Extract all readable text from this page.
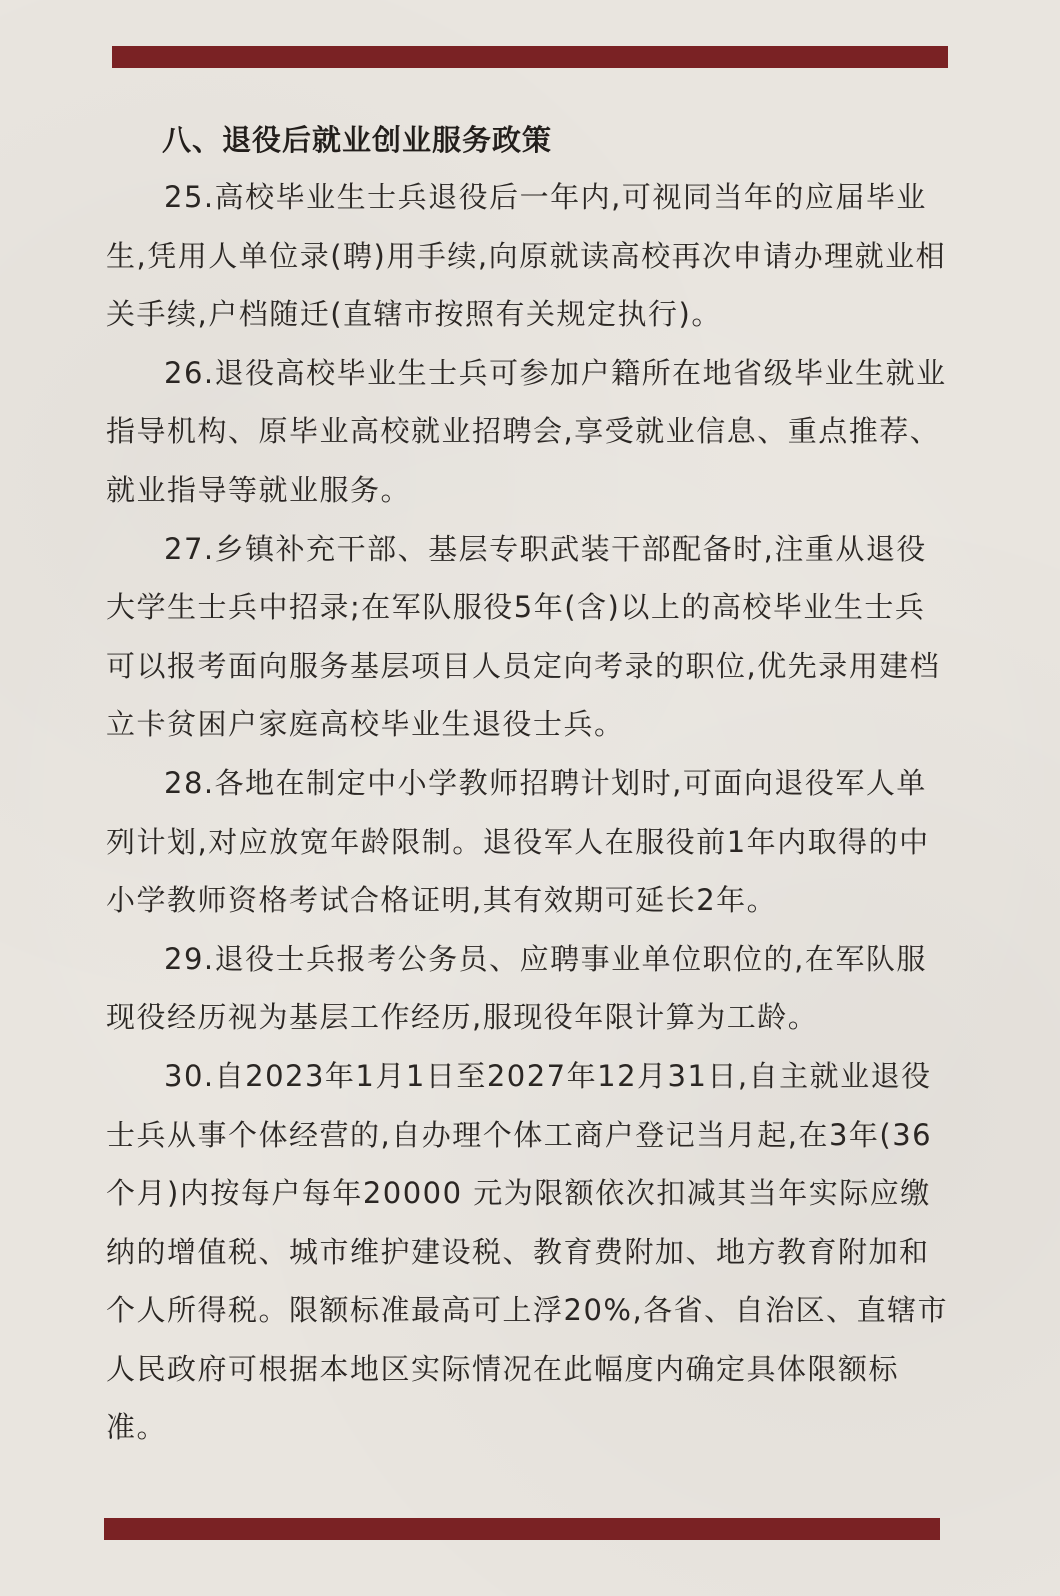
八、退役后就业创业服务政策

25.高校毕业生士兵退役后一年内,可视同当年的应届毕业生,凭用人单位录(聘)用手续,向原就读高校再次申请办理就业相关手续,户档随迁(直辖市按照有关规定执行)。

26.退役高校毕业生士兵可参加户籍所在地省级毕业生就业指导机构、原毕业高校就业招聘会,享受就业信息、重点推荐、就业指导等就业服务。

27.乡镇补充干部、基层专职武装干部配备时,注重从退役大学生士兵中招录;在军队服役5年(含)以上的高校毕业生士兵可以报考面向服务基层项目人员定向考录的职位,优先录用建档立卡贫困户家庭高校毕业生退役士兵。

28.各地在制定中小学教师招聘计划时,可面向退役军人单列计划,对应放宽年龄限制。退役军人在服役前1年内取得的中小学教师资格考试合格证明,其有效期可延长2年。

29.退役士兵报考公务员、应聘事业单位职位的,在军队服现役经历视为基层工作经历,服现役年限计算为工龄。

30.自2023年1月1日至2027年12月31日,自主就业退役士兵从事个体经营的,自办理个体工商户登记当月起,在3年(36个月)内按每户每年20000 元为限额依次扣减其当年实际应缴纳的增值税、城市维护建设税、教育费附加、地方教育附加和个人所得税。限额标准最高可上浮20%,各省、自治区、直辖市人民政府可根据本地区实际情况在此幅度内确定具体限额标准。
